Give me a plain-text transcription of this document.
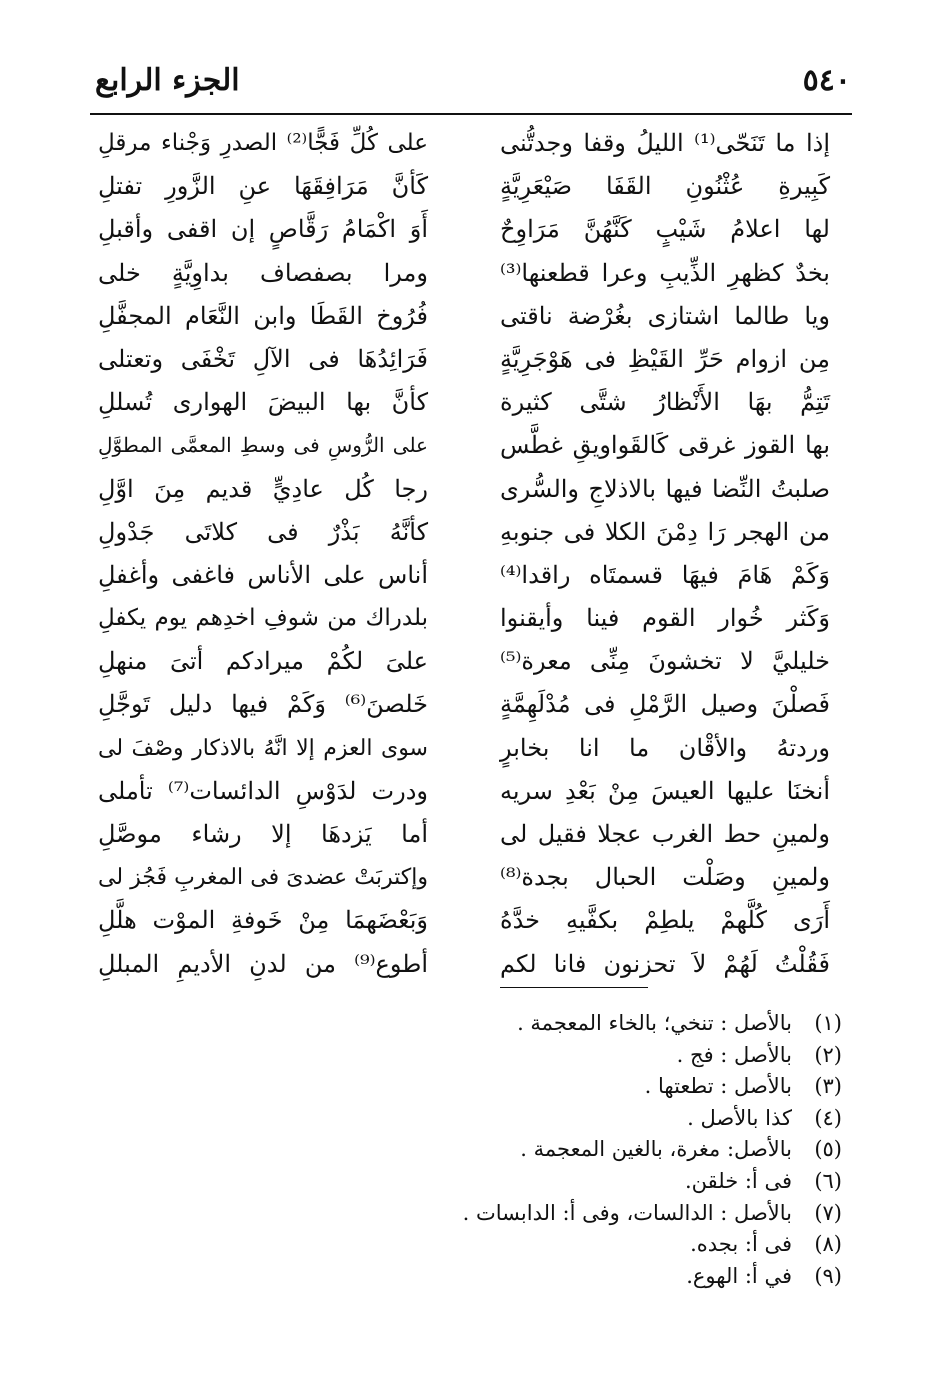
٥٤٠
الجزء الرابع
إذا ما تَنَحّى⁽¹⁾ الليلُ وقفا وجدتُّنى
على كُلِّ فَجًّا⁽²⁾ الصدرِ وَجْناء مرقلِ
كَبِيرةِ عُثْنُونِ القَفَا صَيْعَرِيَّةٍ
كَأنَّ مَرَافِقَهَا عنِ الزَّورِ تفتلِ
لها اعلامُ شَيْبٍ كَنَّهُنَّ مَرَاوِحٌ
أَوَ اكْمَامُ رَقَّاصٍ إن اقفى وأقبلِ
بخدٌ كظهرِ الذِّيبِ وعرا قطعنها⁽³⁾
ومرا بصفصاف بداوِيَّةٍ خلى
ويا طالما اشتازى بغُرْضة ناقتى
فُرُوخ القَطَا وابن النَّعَام المجفَّلِ
مِن ازوام حَرِّ القَيْظِ فى هَوْجَرِيَّةٍ
فَرَائِدُهَا فى الآلِ تَخْفَى وتعتلى
تَتِمُّ بهَا الأَنْظارُ شتَّى كثيرة
كأنَّ بها البيضَ الهوارى تُسللِ
بها القوز غرقى كَالقَواويقِ غطَّس
على الرُّوسِ فى وسطِ المعمَّى المطوَّلِ
صلبتُ النِّضا فيها بالاذلاجِ والسُّرى
رجا كُل عادِيٍّ قديم مِنَ اوَّلِ
من الهجر رَا دِمْنَ الكلا فى جنوبهِ
كأنَّهُ بَذْرٌ فى كلاتَى جَدْولِ
وَكَمْ هَامَ فيهَا قسمتَاه راقدا⁽⁴⁾
أناس على الأناس فاغفى وأغفلِ
وَكَثر خُوار القوم فينا وأيقنوا
بلدراك من شوفِ اخدِهم يوم يكفلِ
خليليَّ لا تخشونَ مِنِّى معرة⁽⁵⁾
علىَ لكُمْ ميرادكم أتىَ منهلِ
فَصلْنَ وصيل الرَّمْلِ فى مُدْلَهِمَّةٍ
خَلصنَ⁽⁶⁾ وَكَمْ فيها دليل تَوجَّلِ
وردتهُ والأقْان ما انا بخابرٍ
سوى العزم إلا انَّهُ بالاذكار وصْفَ لى
أنخنَا عليها العيسَ مِنْ بَعْدِ سريه
ودرت لدَوْسِ الدائسات⁽⁷⁾ تأملى
ولمينِ حط الغرب عجلا فقيل لى
أما يَزدهَا إلا رشاء موصَّلِ
ولمينِ وصَلْت الحبال بجدة⁽⁸⁾
وإكتربَتْ عضدىَ فى المغربِ فَجُز لى
أَرَى كُلَّهمْ يلطِمْ بكفَّيهِ خدَّهُ
وَبَعْضَهمَا مِنْ خَوفةِ الموْت هلَّلِ
فَقُلْتُ لَهُمْ لاَ تحزنون فانا لكم
أطوع⁽⁹⁾ من لدنِ الأديمِ المبللِ
(١)بالأصل : تنخي؛ بالخاء المعجمة .
(٢)بالأصل : فج .
(٣)بالأصل : تطعتها .
(٤)كذا بالأصل .
(٥)بالأصل: مغرة، بالغين المعجمة .
(٦)فى أ: خلقن.
(٧)بالأصل : الدالسات، وفى أ: الدابسات .
(٨)فى أ: بجده.
(٩)في أ: الهوع.
